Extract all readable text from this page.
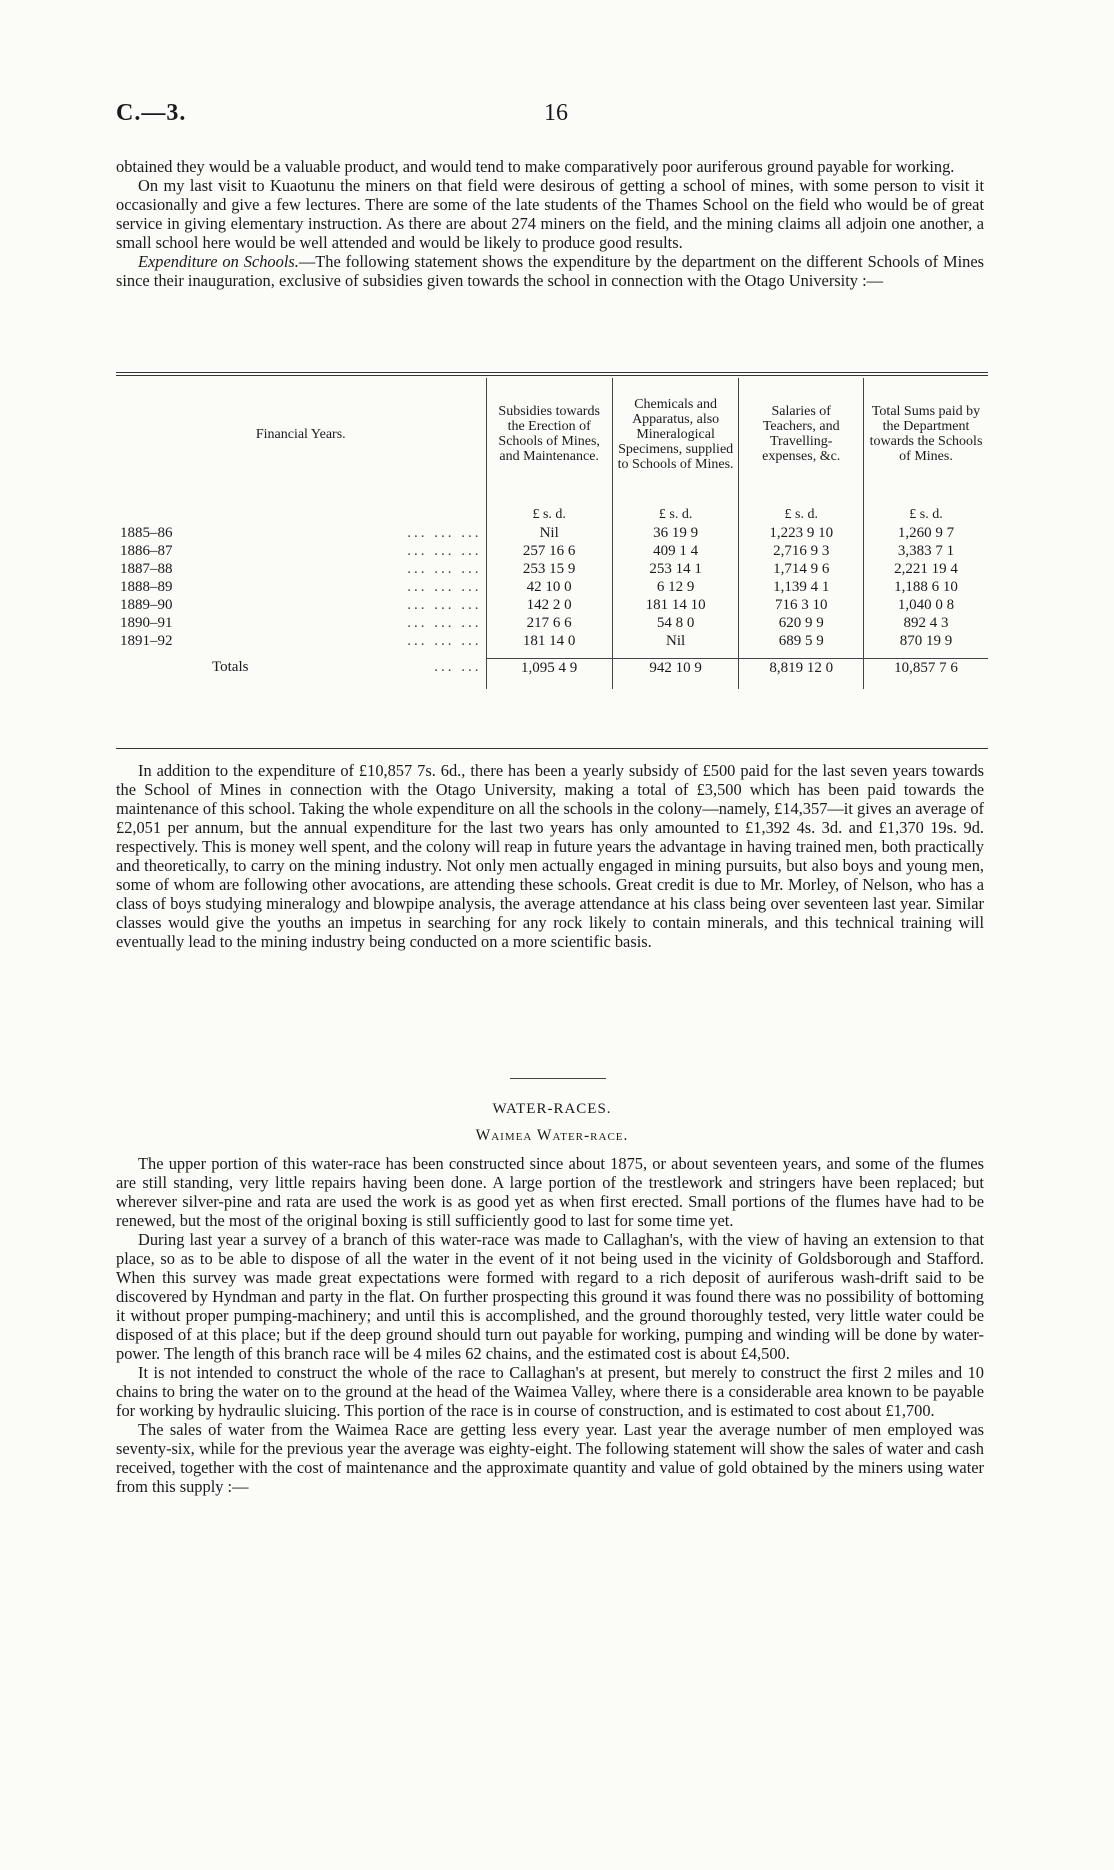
C.—3.	16

obtained they would be a valuable product, and would tend to make comparatively poor auriferous ground payable for working.

On my last visit to Kuaotunu the miners on that field were desirous of getting a school of mines, with some person to visit it occasionally and give a few lectures. There are some of the late students of the Thames School on the field who would be of great service in giving elementary instruction. As there are about 274 miners on the field, and the mining claims all adjoin one another, a small school here would be well attended and would be likely to produce good results.

Expenditure on Schools.—The following statement shows the expenditure by the department on the different Schools of Mines since their inauguration, exclusive of subsidies given towards the school in connection with the Otago University :—

Financial Years.		Subsidies towards the Erection of Schools of Mines, and Maintenance.	Chemicals and Apparatus, also Mineralogical Specimens, supplied to Schools of Mines.	Salaries of Teachers, and Travelling-expenses, &c.	Total Sums paid by the Department towards the Schools of Mines.
		£ s. d.	£ s. d.	£ s. d.	£ s. d.
1885–86	... ... ...	Nil	36 19 9	1,223 9 10	1,260 9 7
1886–87	... ... ...	257 16 6	409 1 4	2,716 9 3	3,383 7 1
1887–88	... ... ...	253 15 9	253 14 1	1,714 9 6	2,221 19 4
1888–89	... ... ...	42 10 0	6 12 9	1,139 4 1	1,188 6 10
1889–90	... ... ...	142 2 0	181 14 10	716 3 10	1,040 0 8
1890–91	... ... ...	217 6 6	54 8 0	620 9 9	892 4 3
1891–92	... ... ...	181 14 0	Nil	689 5 9	870 19 9

Totals	... ...	1,095 4 9	942 10 9	8,819 12 0	10,857 7 6

In addition to the expenditure of £10,857 7s. 6d., there has been a yearly subsidy of £500 paid for the last seven years towards the School of Mines in connection with the Otago University, making a total of £3,500 which has been paid towards the maintenance of this school. Taking the whole expenditure on all the schools in the colony—namely, £14,357—it gives an average of £2,051 per annum, but the annual expenditure for the last two years has only amounted to £1,392 4s. 3d. and £1,370 19s. 9d. respectively. This is money well spent, and the colony will reap in future years the advantage in having trained men, both practically and theoretically, to carry on the mining industry. Not only men actually engaged in mining pursuits, but also boys and young men, some of whom are following other avocations, are attending these schools. Great credit is due to Mr. Morley, of Nelson, who has a class of boys studying mineralogy and blowpipe analysis, the average attendance at his class being over seventeen last year. Similar classes would give the youths an impetus in searching for any rock likely to contain minerals, and this technical training will eventually lead to the mining industry being conducted on a more scientific basis.

WATER-RACES.
Waimea Water-race.

The upper portion of this water-race has been constructed since about 1875, or about seventeen years, and some of the flumes are still standing, very little repairs having been done. A large portion of the trestlework and stringers have been replaced; but wherever silver-pine and rata are used the work is as good yet as when first erected. Small portions of the flumes have had to be renewed, but the most of the original boxing is still sufficiently good to last for some time yet.

During last year a survey of a branch of this water-race was made to Callaghan's, with the view of having an extension to that place, so as to be able to dispose of all the water in the event of it not being used in the vicinity of Goldsborough and Stafford. When this survey was made great expectations were formed with regard to a rich deposit of auriferous wash-drift said to be discovered by Hyndman and party in the flat. On further prospecting this ground it was found there was no possibility of bottoming it without proper pumping-machinery; and until this is accomplished, and the ground thoroughly tested, very little water could be disposed of at this place; but if the deep ground should turn out payable for working, pumping and winding will be done by water-power. The length of this branch race will be 4 miles 62 chains, and the estimated cost is about £4,500.

It is not intended to construct the whole of the race to Callaghan's at present, but merely to construct the first 2 miles and 10 chains to bring the water on to the ground at the head of the Waimea Valley, where there is a considerable area known to be payable for working by hydraulic sluicing. This portion of the race is in course of construction, and is estimated to cost about £1,700.

The sales of water from the Waimea Race are getting less every year. Last year the average number of men employed was seventy-six, while for the previous year the average was eighty-eight. The following statement will show the sales of water and cash received, together with the cost of maintenance and the approximate quantity and value of gold obtained by the miners using water from this supply :—
